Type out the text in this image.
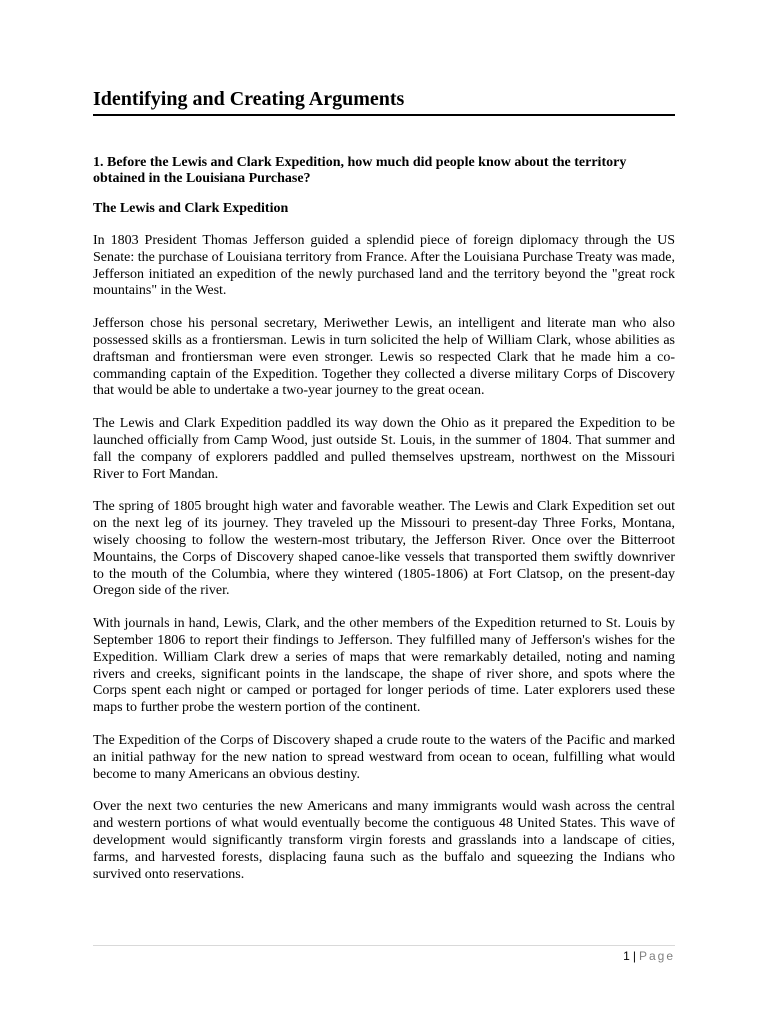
Identifying and Creating Arguments
1. Before the Lewis and Clark Expedition, how much did people know about the territory obtained in the Louisiana Purchase?
The Lewis and Clark Expedition

In 1803 President Thomas Jefferson guided a splendid piece of foreign diplomacy through the US Senate: the purchase of Louisiana territory from France. After the Louisiana Purchase Treaty was made, Jefferson initiated an expedition of the newly purchased land and the territory beyond the "great rock mountains" in the West.

Jefferson chose his personal secretary, Meriwether Lewis, an intelligent and literate man who also possessed skills as a frontiersman. Lewis in turn solicited the help of William Clark, whose abilities as draftsman and frontiersman were even stronger. Lewis so respected Clark that he made him a co-commanding captain of the Expedition. Together they collected a diverse military Corps of Discovery that would be able to undertake a two-year journey to the great ocean.

The Lewis and Clark Expedition paddled its way down the Ohio as it prepared the Expedition to be launched officially from Camp Wood, just outside St. Louis, in the summer of 1804. That summer and fall the company of explorers paddled and pulled themselves upstream, northwest on the Missouri River to Fort Mandan.

The spring of 1805 brought high water and favorable weather. The Lewis and Clark Expedition set out on the next leg of its journey. They traveled up the Missouri to present-day Three Forks, Montana, wisely choosing to follow the western-most tributary, the Jefferson River. Once over the Bitterroot Mountains, the Corps of Discovery shaped canoe-like vessels that transported them swiftly downriver to the mouth of the Columbia, where they wintered (1805-1806) at Fort Clatsop, on the present-day Oregon side of the river.

With journals in hand, Lewis, Clark, and the other members of the Expedition returned to St. Louis by September 1806 to report their findings to Jefferson. They fulfilled many of Jefferson's wishes for the Expedition. William Clark drew a series of maps that were remarkably detailed, noting and naming rivers and creeks, significant points in the landscape, the shape of river shore, and spots where the Corps spent each night or camped or portaged for longer periods of time. Later explorers used these maps to further probe the western portion of the continent.

The Expedition of the Corps of Discovery shaped a crude route to the waters of the Pacific and marked an initial pathway for the new nation to spread westward from ocean to ocean, fulfilling what would become to many Americans an obvious destiny.

Over the next two centuries the new Americans and many immigrants would wash across the central and western portions of what would eventually become the contiguous 48 United States. This wave of development would significantly transform virgin forests and grasslands into a landscape of cities, farms, and harvested forests, displacing fauna such as the buffalo and squeezing the Indians who survived onto reservations.

1 | Page
